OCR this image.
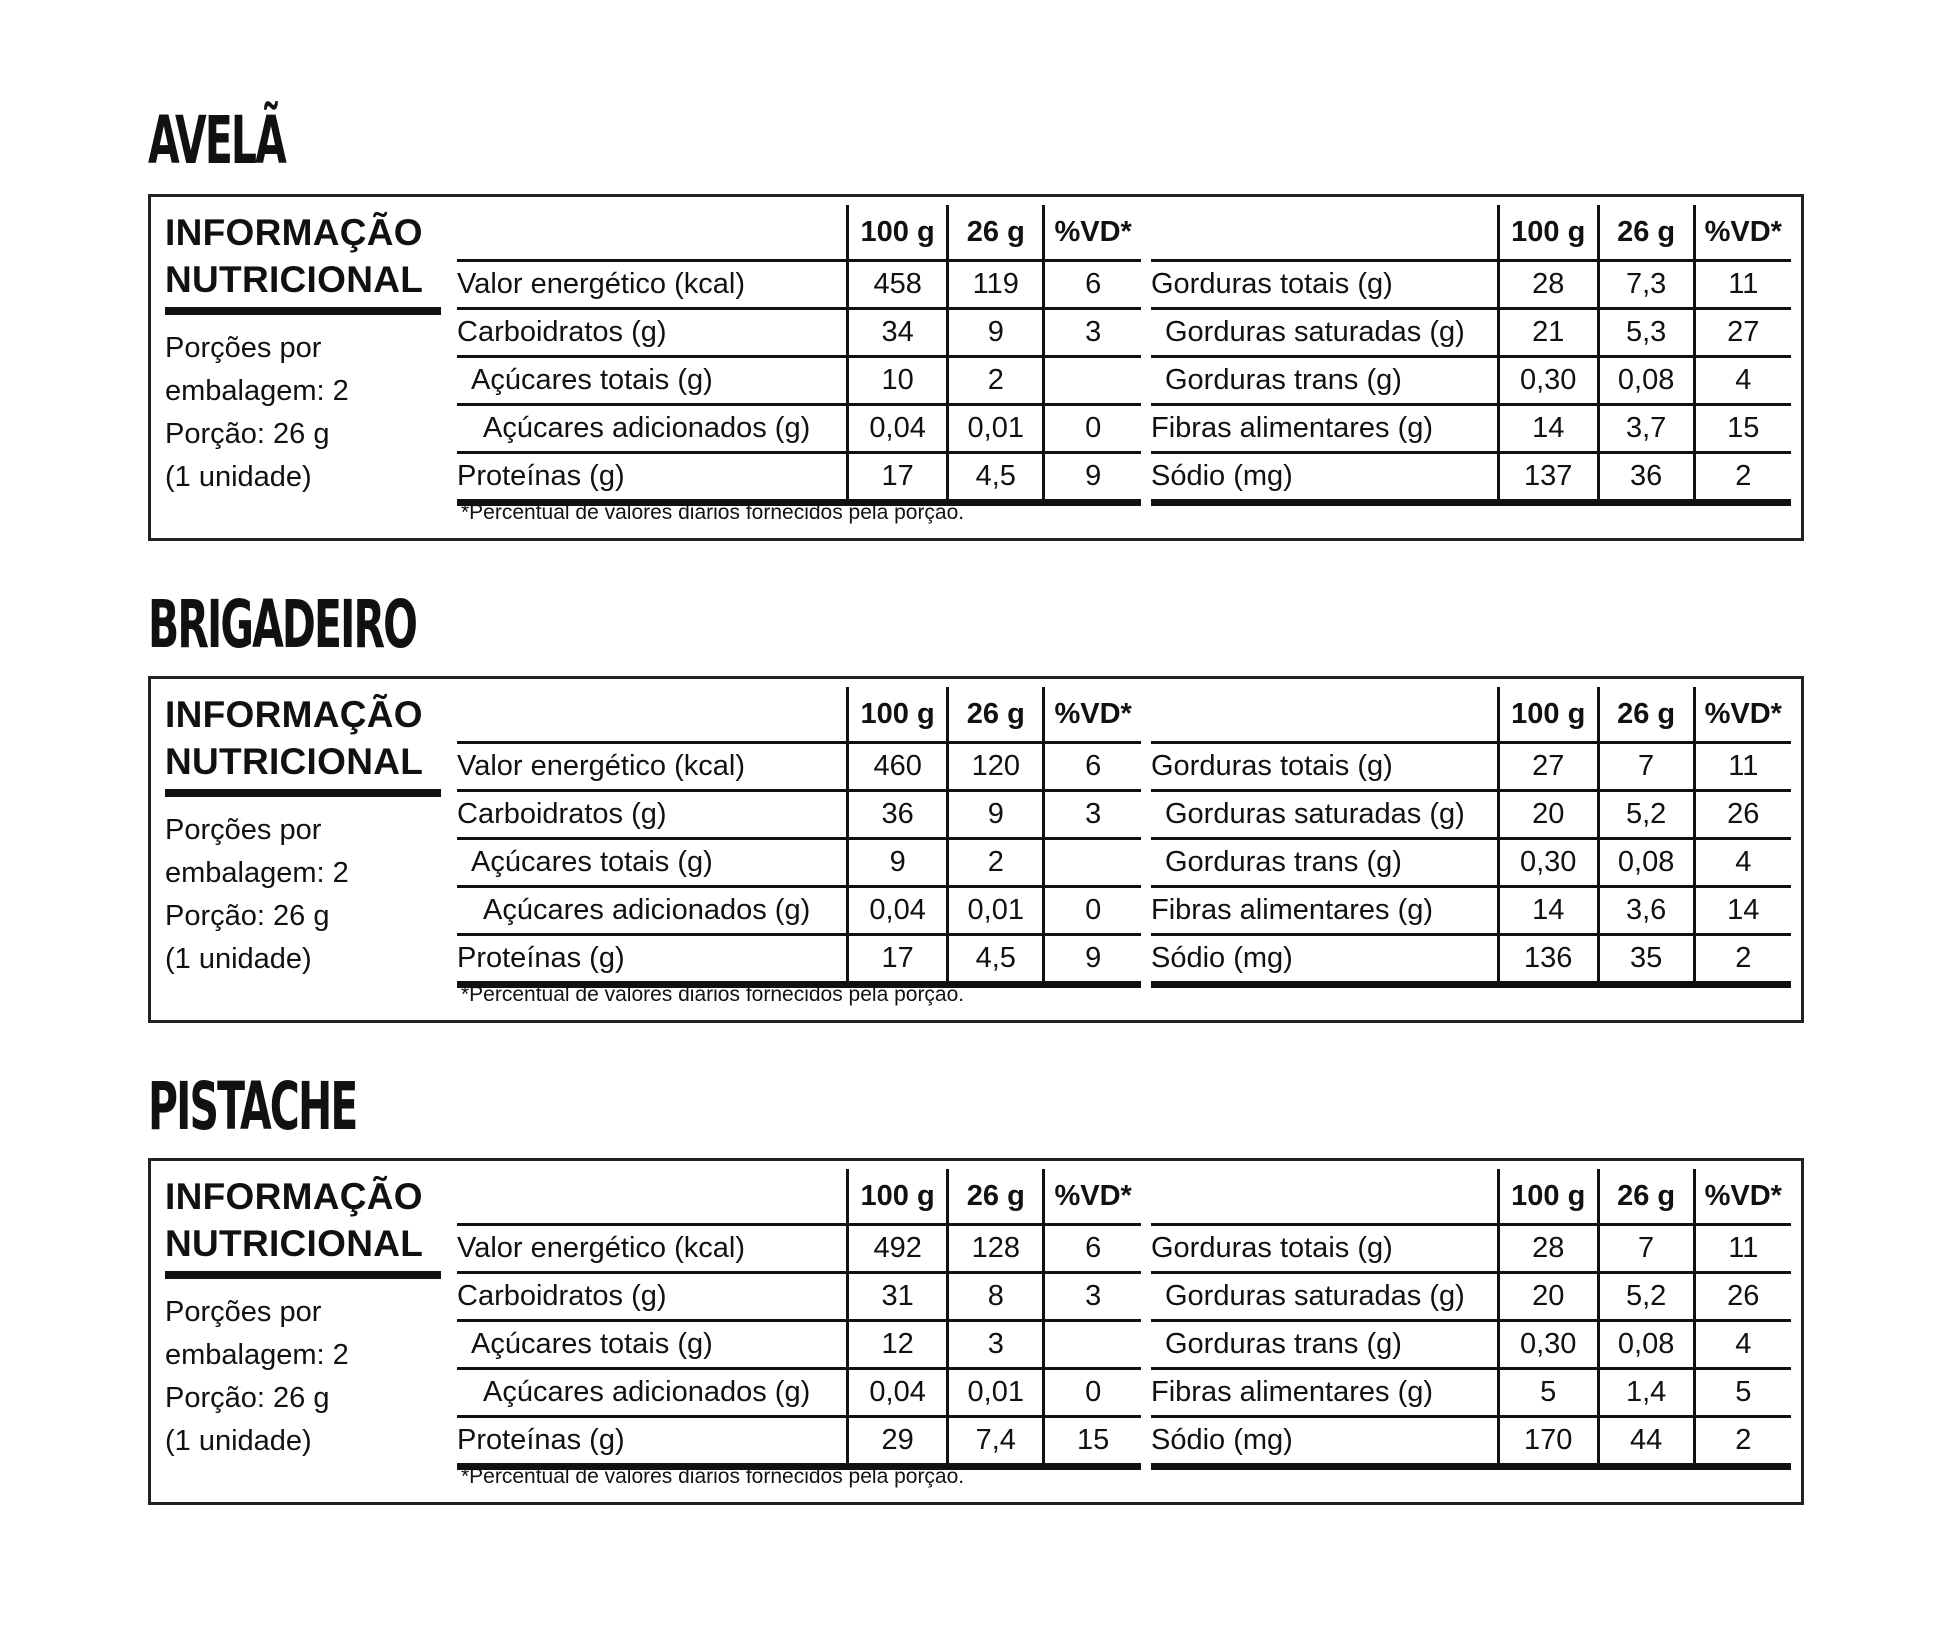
AVELÃ
INFORMAÇÃO
NUTRICIONAL
Porções por
embalagem: 2
Porção: 26 g
(1 unidade)
	100 g	26 g	%VD*
Valor energético (kcal)	458	119	6
Carboidratos (g)	34	9	3
Açúcares totais (g)	10	2	
Açúcares adicionados (g)	0,04	0,01	0
Proteínas (g)	17	4,5	9
	100 g	26 g	%VD*
Gorduras totais (g)	28	7,3	11
Gorduras saturadas (g)	21	5,3	27
Gorduras trans (g)	0,30	0,08	4
Fibras alimentares (g)	14	3,7	15
Sódio (mg)	137	36	2
*Percentual de valores diários fornecidos pela porção.
BRIGADEIRO
INFORMAÇÃO
NUTRICIONAL
Porções por
embalagem: 2
Porção: 26 g
(1 unidade)
	100 g	26 g	%VD*
Valor energético (kcal)	460	120	6
Carboidratos (g)	36	9	3
Açúcares totais (g)	9	2	
Açúcares adicionados (g)	0,04	0,01	0
Proteínas (g)	17	4,5	9
	100 g	26 g	%VD*
Gorduras totais (g)	27	7	11
Gorduras saturadas (g)	20	5,2	26
Gorduras trans (g)	0,30	0,08	4
Fibras alimentares (g)	14	3,6	14
Sódio (mg)	136	35	2
*Percentual de valores diários fornecidos pela porção.
PISTACHE
INFORMAÇÃO
NUTRICIONAL
Porções por
embalagem: 2
Porção: 26 g
(1 unidade)
	100 g	26 g	%VD*
Valor energético (kcal)	492	128	6
Carboidratos (g)	31	8	3
Açúcares totais (g)	12	3	
Açúcares adicionados (g)	0,04	0,01	0
Proteínas (g)	29	7,4	15
	100 g	26 g	%VD*
Gorduras totais (g)	28	7	11
Gorduras saturadas (g)	20	5,2	26
Gorduras trans (g)	0,30	0,08	4
Fibras alimentares (g)	5	1,4	5
Sódio (mg)	170	44	2
*Percentual de valores diários fornecidos pela porção.
